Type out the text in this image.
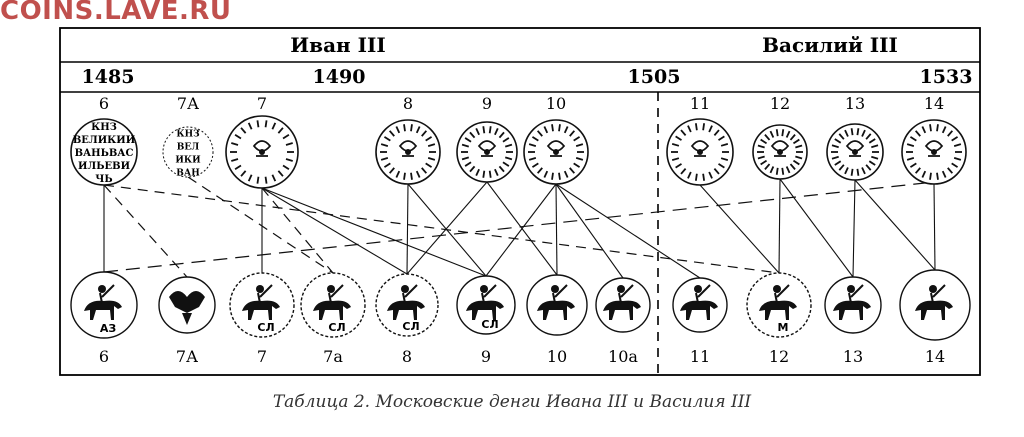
COINS.LAVE.RU
Иван III	Василий III
1485	1490	1505	1533
КНЗ
ВЕЛИКИИ
ВАНЬВАС
ИЛЬЕВИ
ЧЬ
КНЗ
ВЕЛ
ИКИ
ВАН
АЗ	СЛ	СЛ	СЛ	СЛ	М
6	7А	7	8	9	10	11	12	13	14
6	7А	7	7а	8	9	10	10а	11	12	13	14
Таблица 2. Московские денги Ивана III и Василия III
